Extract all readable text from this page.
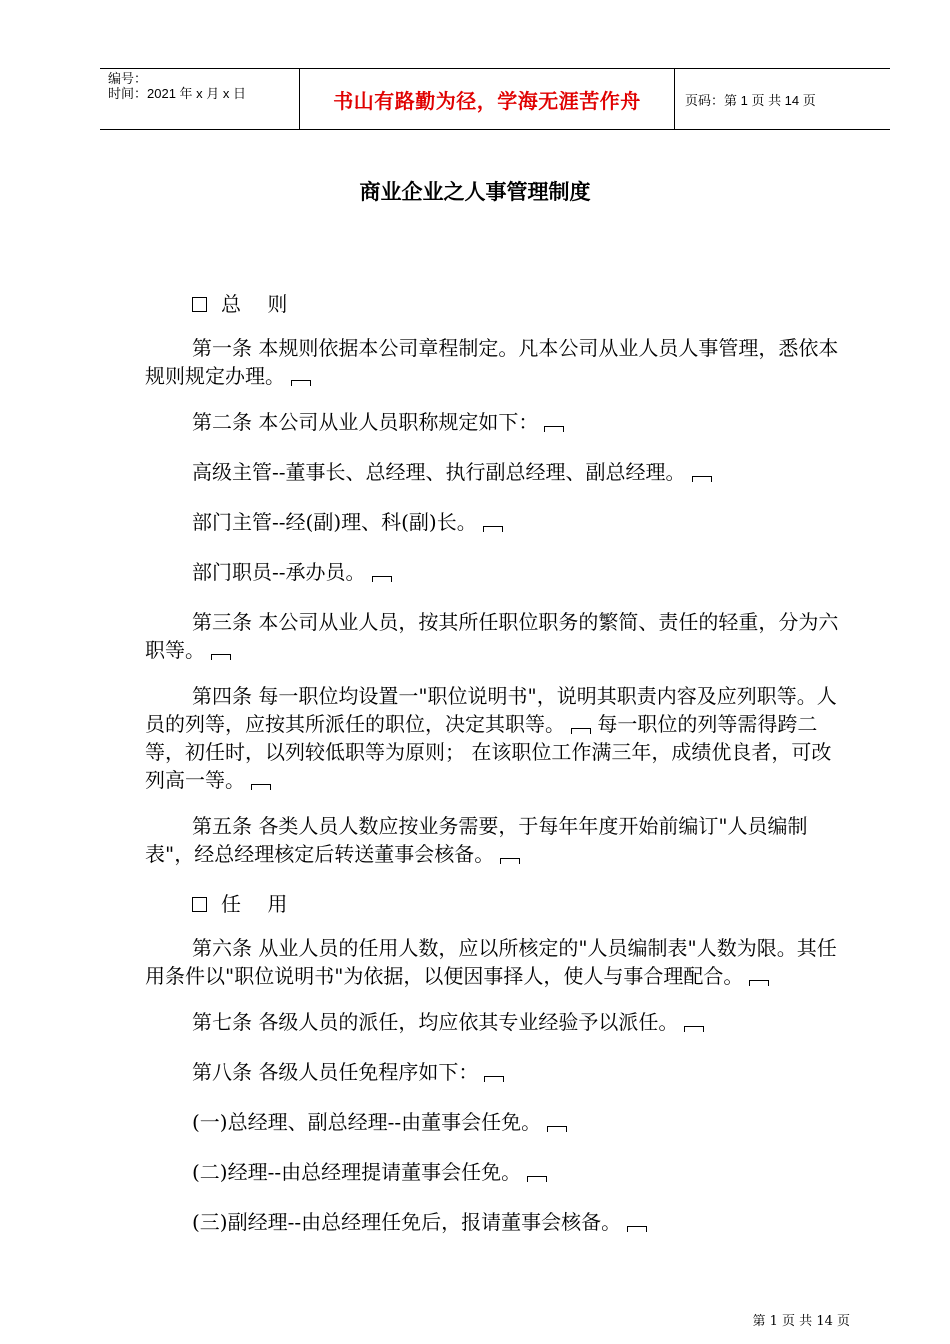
编号：
时间：2021 年 x 月 x 日	书山有路勤为径，学海无涯苦作舟	页码：第 1 页 共 14 页
商业企业之人事管理制度
总 则
第一条 本规则依据本公司章程制定。凡本公司从业人员人事管理，悉依本规则规定办理。
第二条 本公司从业人员职称规定如下：
高级主管--董事长、总经理、执行副总经理、副总经理。
部门主管--经(副)理、科(副)长。
部门职员--承办员。
第三条 本公司从业人员，按其所任职位职务的繁简、责任的轻重，分为六职等。
第四条 每一职位均设置一"职位说明书"，说明其职责内容及应列职等。人员的列等，应按其所派任的职位，决定其职等。 每一职位的列等需得跨二等，初任时，以列较低职等为原则； 在该职位工作满三年，成绩优良者，可改列高一等。
第五条 各类人员人数应按业务需要，于每年年度开始前编订"人员编制表"，经总经理核定后转送董事会核备。
任 用
第六条 从业人员的任用人数，应以所核定的"人员编制表"人数为限。其任用条件以"职位说明书"为依据，以便因事择人，使人与事合理配合。
第七条 各级人员的派任，均应依其专业经验予以派任。
第八条 各级人员任免程序如下：
(一)总经理、副总经理--由董事会任免。
(二)经理--由总经理提请董事会任免。
(三)副经理--由总经理任免后，报请董事会核备。
第 1 页 共 14 页
